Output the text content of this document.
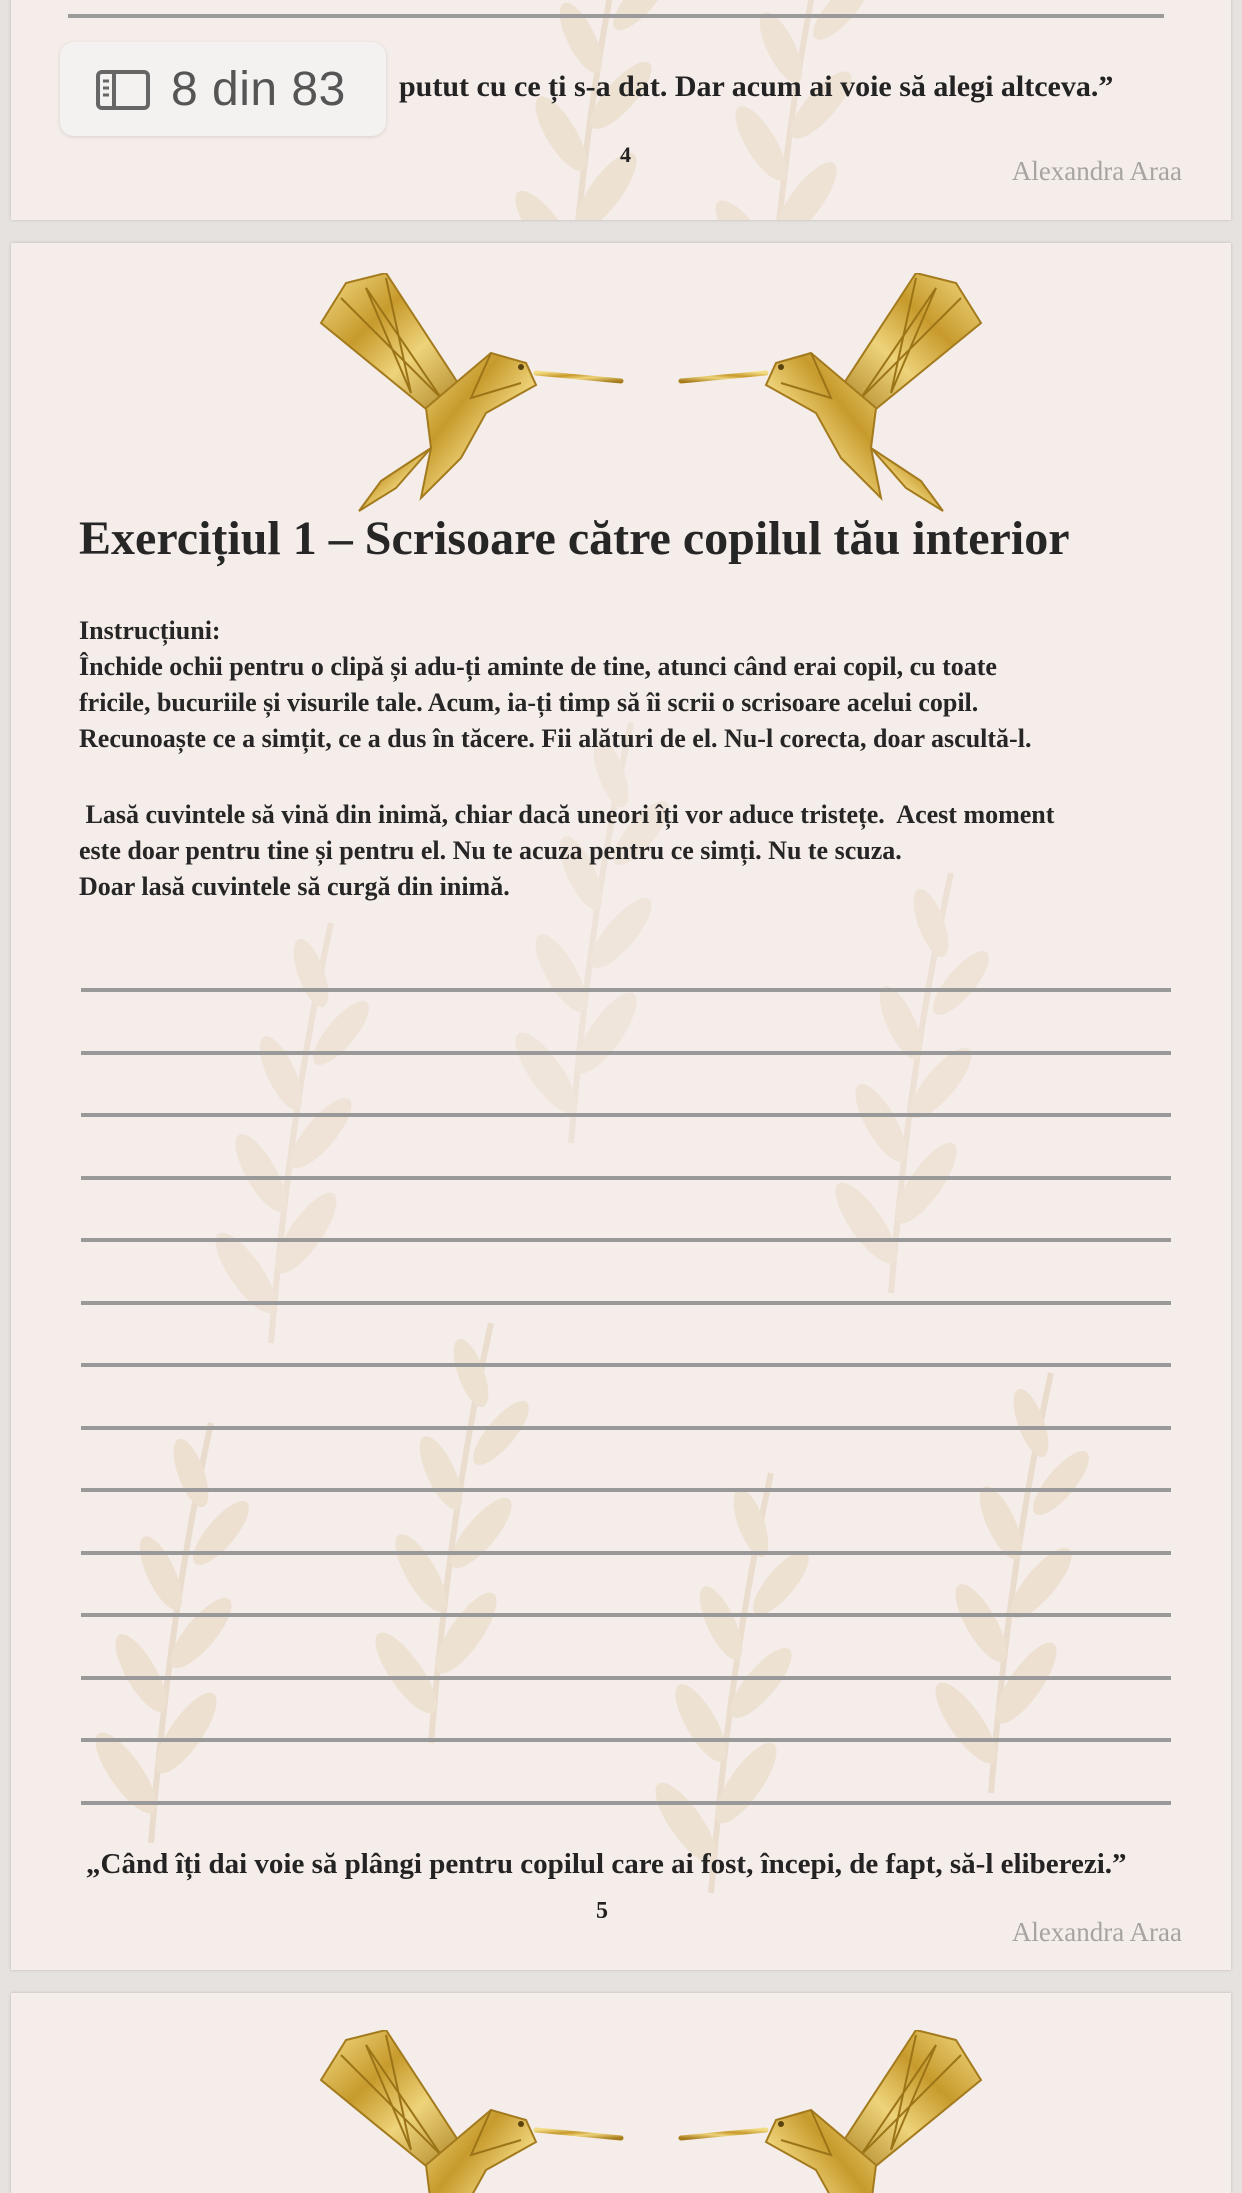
putut cu ce ți s-a dat. Dar acum ai voie să alegi altceva.”
4
Alexandra Araa
8 din 83
Exercițiul 1 – Scrisoare către copilul tău interior

Instrucțiuni:

Închide ochii pentru o clipă și adu-ți aminte de tine, atunci când erai copil, cu toate

fricile, bucuriile și visurile tale. Acum, ia-ți timp să îi scrii o scrisoare acelui copil.

Recunoaște ce a simțit, ce a dus în tăcere. Fii alături de el. Nu-l corecta, doar ascultă-l.

Lasă cuvintele să vină din inimă, chiar dacă uneori îți vor aduce tristețe.  Acest moment

este doar pentru tine și pentru el. Nu te acuza pentru ce simți. Nu te scuza.

Doar lasă cuvintele să curgă din inimă.

„Când îți dai voie să plângi pentru copilul care ai fost, începi, de fapt, să-l eliberezi.”
5
Alexandra Araa
